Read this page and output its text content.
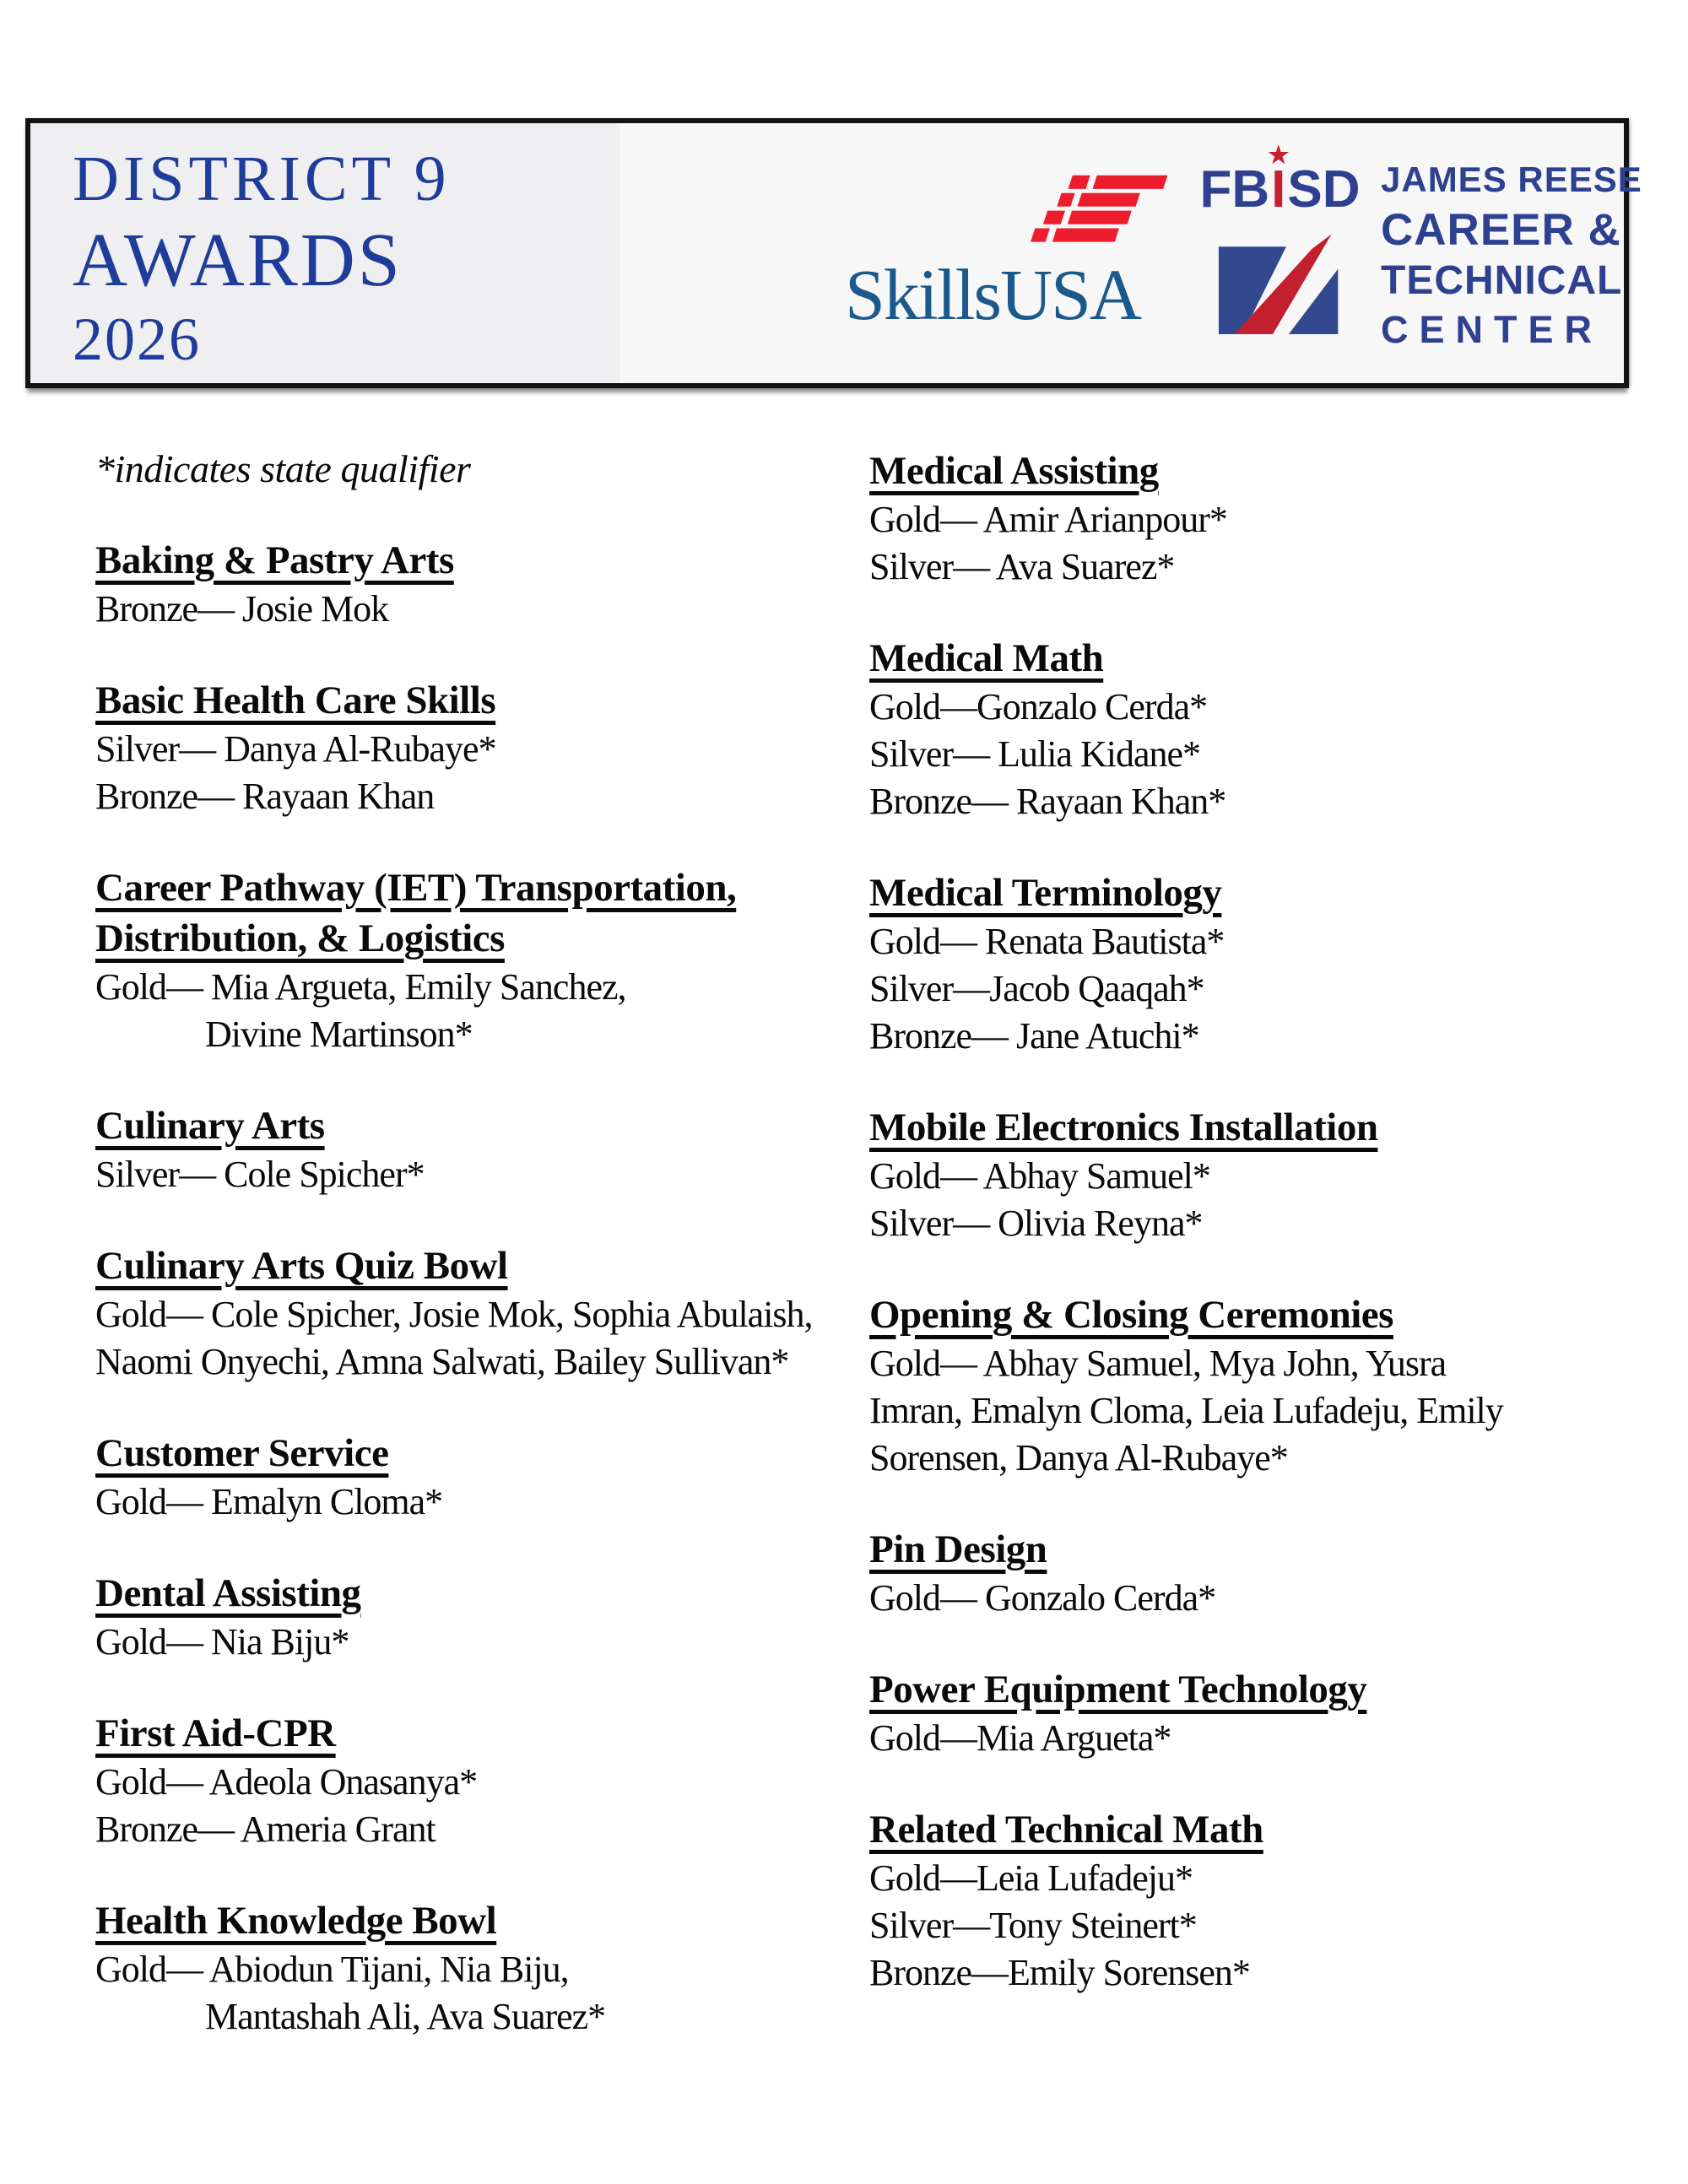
DISTRICT 9
AWARDS
2026
SkillsUSA
FB
★
ISD JAMES REESE
CAREER &
TECHNICAL
CENTER
*indicates state qualifier
Baking & Pastry Arts
Bronze— Josie Mok
Basic Health Care Skills
Silver— Danya Al-Rubaye*
Bronze— Rayaan Khan
Career Pathway (IET) Transportation,
Distribution, & Logistics
Gold— Mia Argueta, Emily Sanchez,
Divine Martinson*
Culinary Arts
Silver— Cole Spicher*
Culinary Arts Quiz Bowl
Gold— Cole Spicher, Josie Mok, Sophia Abulaish,
Naomi Onyechi, Amna Salwati, Bailey Sullivan*
Customer Service
Gold— Emalyn Cloma*
Dental Assisting
Gold— Nia Biju*
First Aid-CPR
Gold— Adeola Onasanya*
Bronze— Ameria Grant
Health Knowledge Bowl
Gold— Abiodun Tijani, Nia Biju,
Mantashah Ali, Ava Suarez*
Medical Assisting
Gold— Amir Arianpour*
Silver— Ava Suarez*
Medical Math
Gold—Gonzalo Cerda*
Silver— Lulia Kidane*
Bronze— Rayaan Khan*
Medical Terminology
Gold— Renata Bautista*
Silver—Jacob Qaaqah*
Bronze— Jane Atuchi*
Mobile Electronics Installation
Gold— Abhay Samuel*
Silver— Olivia Reyna*
Opening & Closing Ceremonies
Gold— Abhay Samuel, Mya John, Yusra
Imran, Emalyn Cloma, Leia Lufadeju, Emily
Sorensen, Danya Al-Rubaye*
Pin Design
Gold— Gonzalo Cerda*
Power Equipment Technology
Gold—Mia Argueta*
Related Technical Math
Gold—Leia Lufadeju*
Silver—Tony Steinert*
Bronze—Emily Sorensen*
